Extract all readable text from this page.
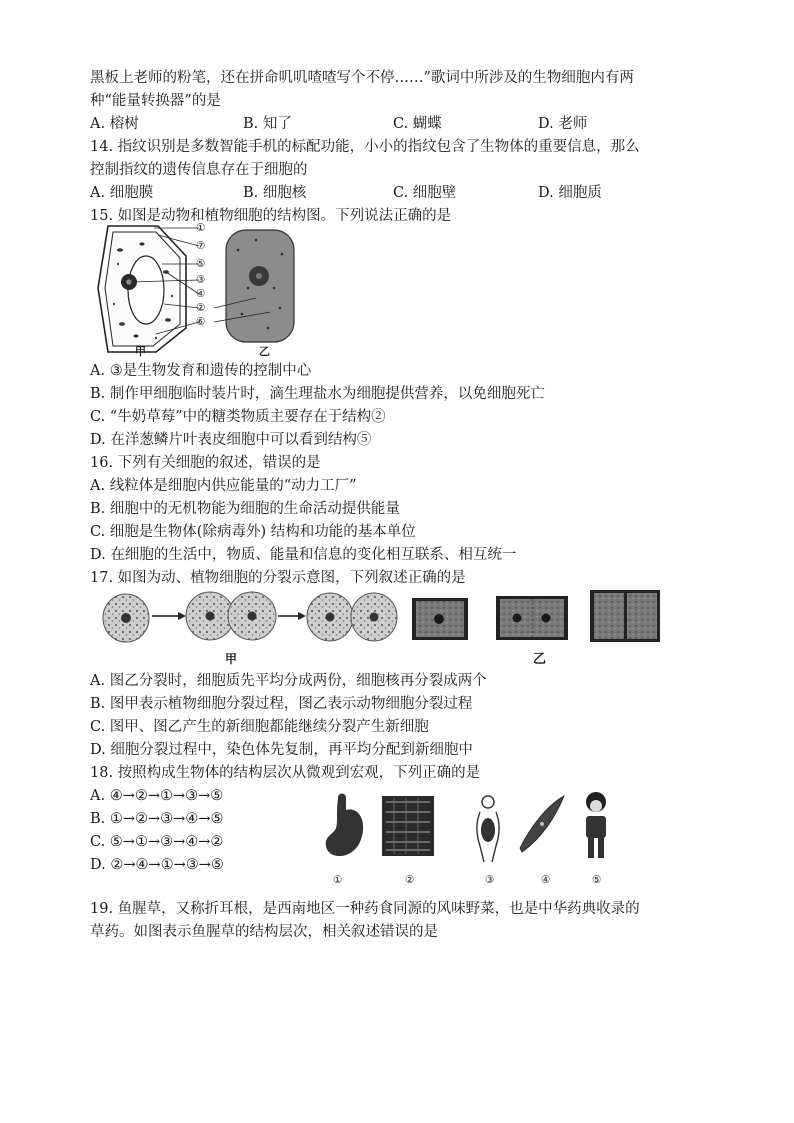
黑板上老师的粉笔，还在拼命叽叽喳喳写个不停……”歌词中所涉及的生物细胞内有两
种“能量转换器”的是
A. 榕树	B. 知了	C. 蝴蝶	D. 老师
14. 指纹识别是多数智能手机的标配功能，小小的指纹包含了生物体的重要信息，那么
控制指纹的遗传信息存在于细胞的
A. 细胞膜	B. 细胞核	C. 细胞壁	D. 细胞质
15. 如图是动物和植物细胞的结构图。下列说法正确的是
①
⑦
⑤
③
④
②
⑥
甲	乙
A. ③是生物发育和遗传的控制中心
B. 制作甲细胞临时装片时，滴生理盐水为细胞提供营养，以免细胞死亡
C. “牛奶草莓”中的糖类物质主要存在于结构②
D. 在洋葱鳞片叶表皮细胞中可以看到结构⑤
16. 下列有关细胞的叙述，错误的是
A. 线粒体是细胞内供应能量的“动力工厂”
B. 细胞中的无机物能为细胞的生命活动提供能量
C. 细胞是生物体(除病毒外) 结构和功能的基本单位
D. 在细胞的生活中，物质、能量和信息的变化相互联系、相互统一
17. 如图为动、植物细胞的分裂示意图，下列叙述正确的是
甲	乙
A. 图乙分裂时，细胞质先平均分成两份，细胞核再分裂成两个
B. 图甲表示植物细胞分裂过程，图乙表示动物细胞分裂过程
C. 图甲、图乙产生的新细胞都能继续分裂产生新细胞
D. 细胞分裂过程中，染色体先复制，再平均分配到新细胞中
18. 按照构成生物体的结构层次从微观到宏观，下列正确的是
A. ④→②→①→③→⑤
B. ①→②→③→④→⑤
C. ⑤→①→③→④→②
D. ②→④→①→③→⑤
①	②	③	④	⑤
19. 鱼腥草，又称折耳根，是西南地区一种药食同源的风味野菜，也是中华药典收录的
草药。如图表示鱼腥草的结构层次，相关叙述错误的是
